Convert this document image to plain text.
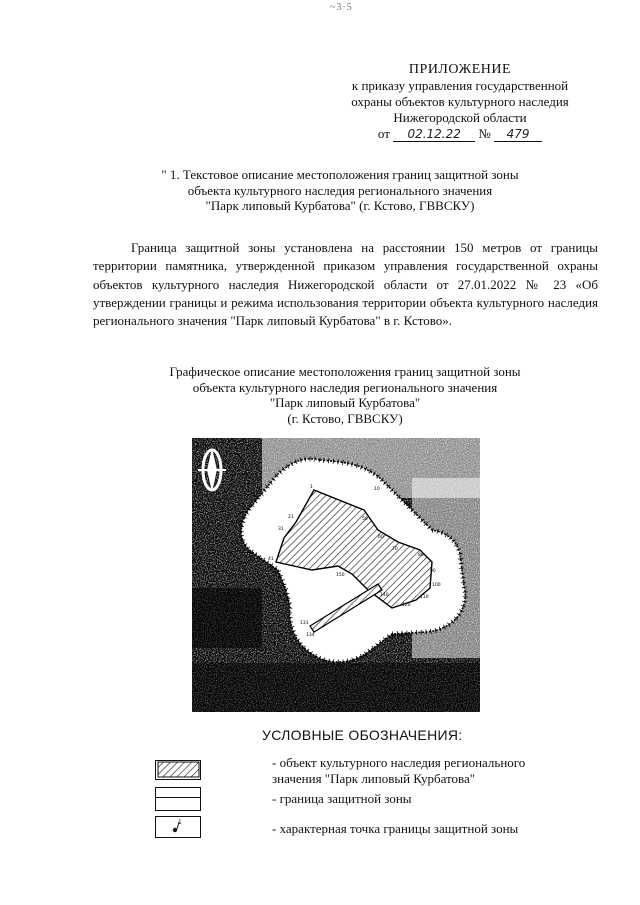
~3·5
ПРИЛОЖЕНИЕ
к приказу управления государственной
охраны объектов культурного наследия
Нижегородской области
от 02.12.22 № 479
" 1. Текстовое описание местоположения границ защитной зоны
объекта культурного наследия регионального значения
"Парк липовый Курбатова" (г. Кстово, ГВВСКУ)
Граница защитной зоны установлена на расстоянии 150 метров от границы территории памятника, утвержденной приказом управления государственной охраны объектов культурного наследия Нижегородской области от 27.01.2022 № 23 «Об утверждении границы и режима использования территории объекта культурного наследия регионального значения "Парк липовый Курбатова" в г. Кстово».
Графическое описание местоположения границ защитной зоны
объекта культурного наследия регионального значения
"Парк липовый Курбатова"
(г. Кстово, ГВВСКУ)
1	10
21
31
41
50
60
70
80
90
100
110
120
131
134
140
150
УСЛОВНЫЕ ОБОЗНАЧЕНИЯ:
- объект культурного наследия регионального
значения "Парк липовый Курбатова"
- граница защитной зоны
1	- характерная точка границы защитной зоны
